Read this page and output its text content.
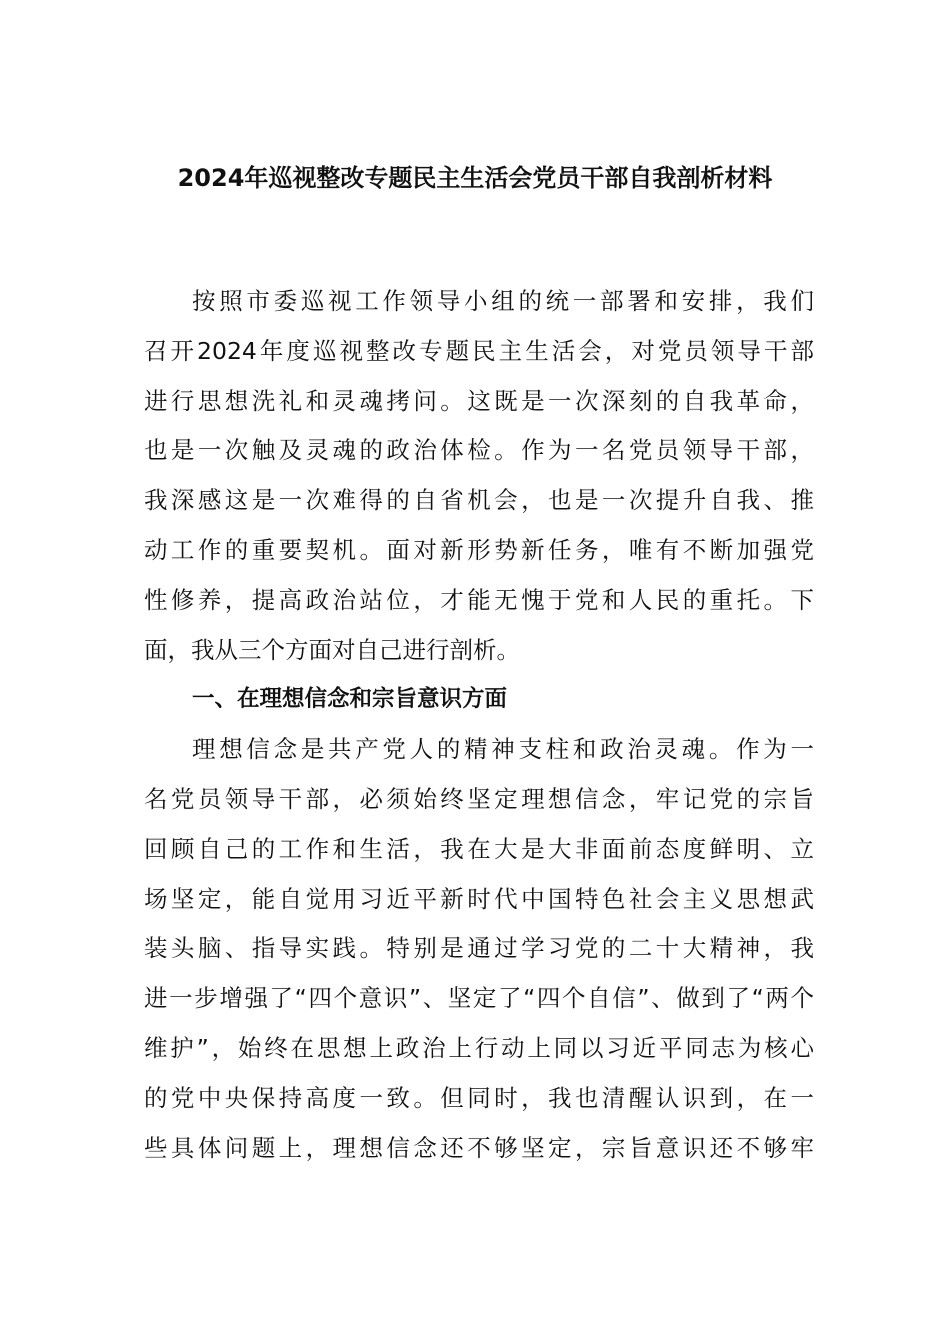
2024年巡视整改专题民主生活会党员干部自我剖析材料
按照市委巡视工作领导小组的统一部署和安排，我们
召开2024年度巡视整改专题民主生活会，对党员领导干部
进行思想洗礼和灵魂拷问。这既是一次深刻的自我革命，
也是一次触及灵魂的政治体检。作为一名党员领导干部，
我深感这是一次难得的自省机会，也是一次提升自我、推
动工作的重要契机。面对新形势新任务，唯有不断加强党
性修养，提高政治站位，才能无愧于党和人民的重托。下
面，我从三个方面对自己进行剖析。
一、在理想信念和宗旨意识方面
理想信念是共产党人的精神支柱和政治灵魂。作为一
名党员领导干部，必须始终坚定理想信念，牢记党的宗旨
回顾自己的工作和生活，我在大是大非面前态度鲜明、立
场坚定，能自觉用习近平新时代中国特色社会主义思想武
装头脑、指导实践。特别是通过学习党的二十大精神，我
进一步增强了“四个意识”、坚定了“四个自信”、做到了“两个
维护”，始终在思想上政治上行动上同以习近平同志为核心
的党中央保持高度一致。但同时，我也清醒认识到，在一
些具体问题上，理想信念还不够坚定，宗旨意识还不够牢
